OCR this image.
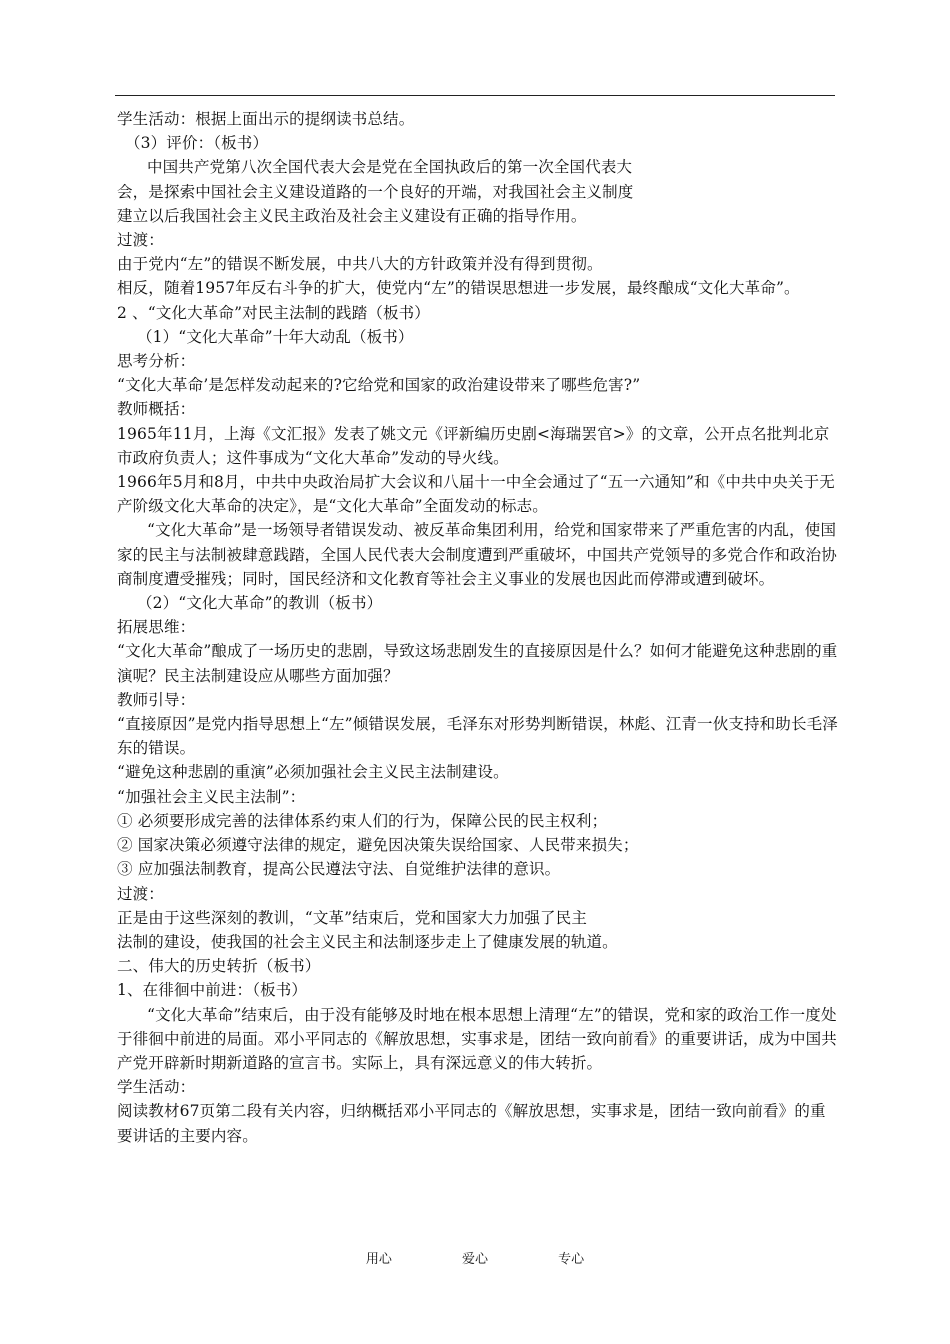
学生活动：根据上面出示的提纲读书总结。

（3）评价：（板书）

中国共产党第八次全国代表大会是党在全国执政后的第一次全国代表大

会，是探索中国社会主义建设道路的一个良好的开端，对我国社会主义制度

建立以后我国社会主义民主政治及社会主义建设有正确的指导作用。

过渡：

由于党内“左”的错误不断发展，中共八大的方针政策并没有得到贯彻。

相反，随着1957年反右斗争的扩大，使党内“左”的错误思想进一步发展，最终酿成“文化大革命”。

2 、“文化大革命”对民主法制的践踏（板书）

（1）“文化大革命”十年大动乱（板书）

思考分析：

“文化大革命’是怎样发动起来的?它给党和国家的政治建设带来了哪些危害?”

教师概括：

1965年11月，上海《文汇报》发表了姚文元《评新编历史剧<海瑞罢官>》的文章，公开点名批判北京市政府负责人；这件事成为“文化大革命”发动的导火线。

1966年5月和8月，中共中央政治局扩大会议和八届十一中全会通过了“五一六通知”和《中共中央关于无产阶级文化大革命的决定》，是“文化大革命”全面发动的标志。

“文化大革命”是一场领导者错误发动、被反革命集团利用，给党和国家带来了严重危害的内乱，使国家的民主与法制被肆意践踏，全国人民代表大会制度遭到严重破坏，中国共产党领导的多党合作和政治协商制度遭受摧残；同时，国民经济和文化教育等社会主义事业的发展也因此而停滞或遭到破坏。

（2）“文化大革命”的教训（板书）

拓展思维：

“文化大革命”酿成了一场历史的悲剧，导致这场悲剧发生的直接原因是什么？如何才能避免这种悲剧的重演呢？民主法制建设应从哪些方面加强？

教师引导：

“直接原因”是党内指导思想上“左”倾错误发展，毛泽东对形势判断错误，林彪、江青一伙支持和助长毛泽东的错误。

“避免这种悲剧的重演”必须加强社会主义民主法制建设。

“加强社会主义民主法制”：

① 必须要形成完善的法律体系约束人们的行为，保障公民的民主权利；

② 国家决策必须遵守法律的规定，避免因决策失误给国家、人民带来损失；

③ 应加强法制教育，提高公民遵法守法、自觉维护法律的意识。

过渡：

正是由于这些深刻的教训，“文革”结束后，党和国家大力加强了民主

法制的建设，使我国的社会主义民主和法制逐步走上了健康发展的轨道。

二、伟大的历史转折（板书）

1、在徘徊中前进：（板书）

“文化大革命”结束后，由于没有能够及时地在根本思想上清理“左”的错误，党和家的政治工作一度处于徘徊中前进的局面。邓小平同志的《解放思想，实事求是，团结一致向前看》的重要讲话，成为中国共产党开辟新时期新道路的宣言书。实际上，具有深远意义的伟大转折。

学生活动：

阅读教材67页第二段有关内容，归纳概括邓小平同志的《解放思想，实事求是，团结一致向前看》的重要讲话的主要内容。

用心	爱心	专心
